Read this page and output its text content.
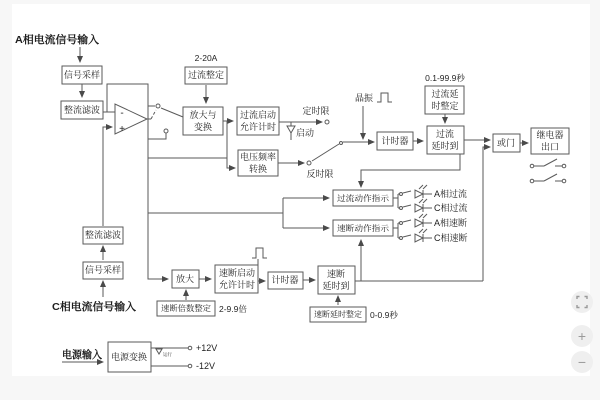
-
+
A相电流信号输入
C相电流信号输入
电源输入
信号采样
整流滤波
2-20A
过流整定
放大与
变换
过流启动
允许计时
定时限
启动
电压频率
转换	反时限
晶振
计时器
0.1-99.9秒
过流延
时整定
过流
延时到	或门
继电器
出口
过流动作指示
速断动作指示
A相过流
C相过流
A相速断
C相速断
整流滤波
信号采样
放大
速断倍数整定 2-9.9倍
速断启动
允许计时 计时器
速断
延时到
速断延时整定 0-0.9秒
电源变换
+12V
-12V
运行
+
−
